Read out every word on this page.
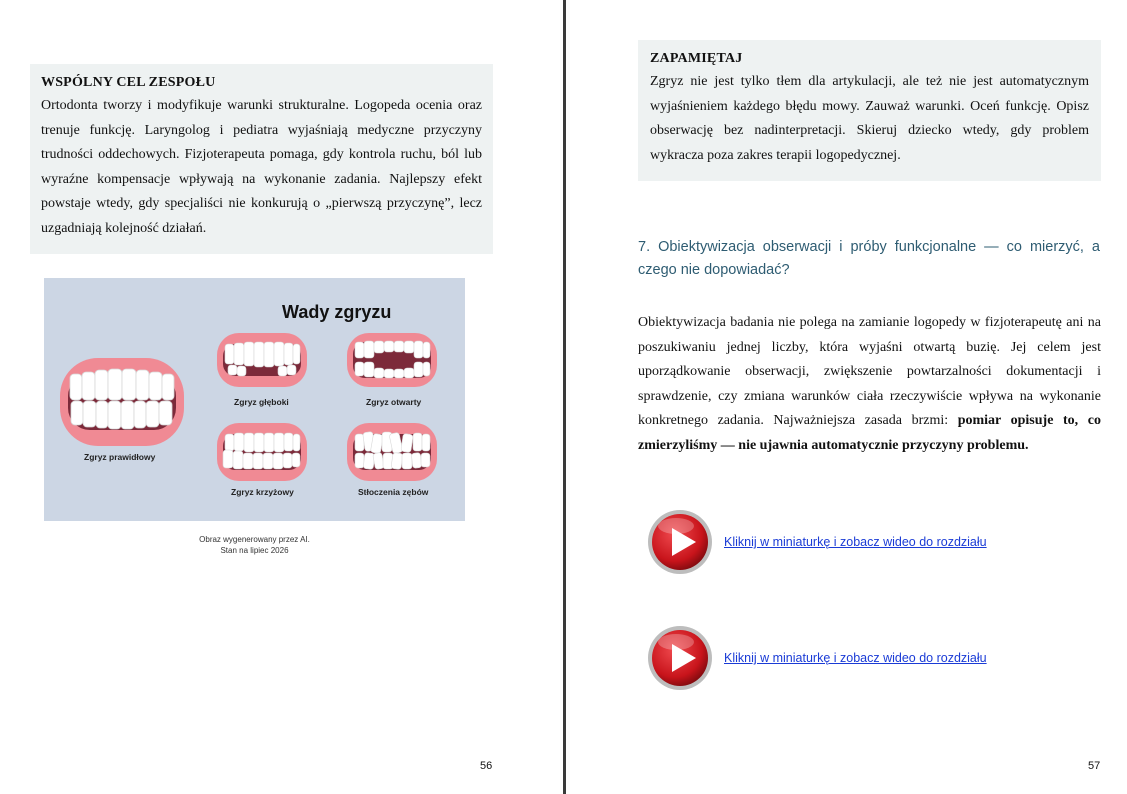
WSPÓLNY CEL ZESPOŁU
Ortodonta tworzy i modyfikuje warunki strukturalne. Logopeda ocenia oraz trenuje funkcję. Laryngolog i pediatra wyjaśniają medyczne przyczyny trudności oddechowych. Fizjoterapeuta pomaga, gdy kontrola ruchu, ból lub wyraźne kompensacje wpływają na wykonanie zadania. Najlepszy efekt powstaje wtedy, gdy specjaliści nie konkurują o „pierwszą przyczynę”, lecz uzgadniają kolejność działań.
Wady zgryzu
Zgryz prawidłowy
Zgryz głęboki	Zgryz otwarty
Zgryz krzyżowy	Stłoczenia zębów
Obraz wygenerowany przez AI.
Stan na lipiec 2026
56
ZAPAMIĘTAJ
Zgryz nie jest tylko tłem dla artykulacji, ale też nie jest automatycznym wyjaśnieniem każdego błędu mowy. Zauważ warunki. Oceń funkcję. Opisz obserwację bez nadinterpretacji. Skieruj dziecko wtedy, gdy problem wykracza poza zakres terapii logopedycznej.
7. Obiektywizacja obserwacji i próby funkcjonalne — co mierzyć, a czego nie dopowiadać?
Obiektywizacja badania nie polega na zamianie logopedy w fizjoterapeutę ani na poszukiwaniu jednej liczby, która wyjaśni otwartą buzię. Jej celem jest uporządkowanie obserwacji, zwiększenie powtarzalności dokumentacji i sprawdzenie, czy zmiana warunków ciała rzeczywiście wpływa na wykonanie konkretnego zadania. Najważniejsza zasada brzmi: pomiar opisuje to, co zmierzyliśmy — nie ujawnia automatycznie przyczyny problemu.
Kliknij w miniaturkę i zobacz wideo do rozdziału
Kliknij w miniaturkę i zobacz wideo do rozdziału
57
